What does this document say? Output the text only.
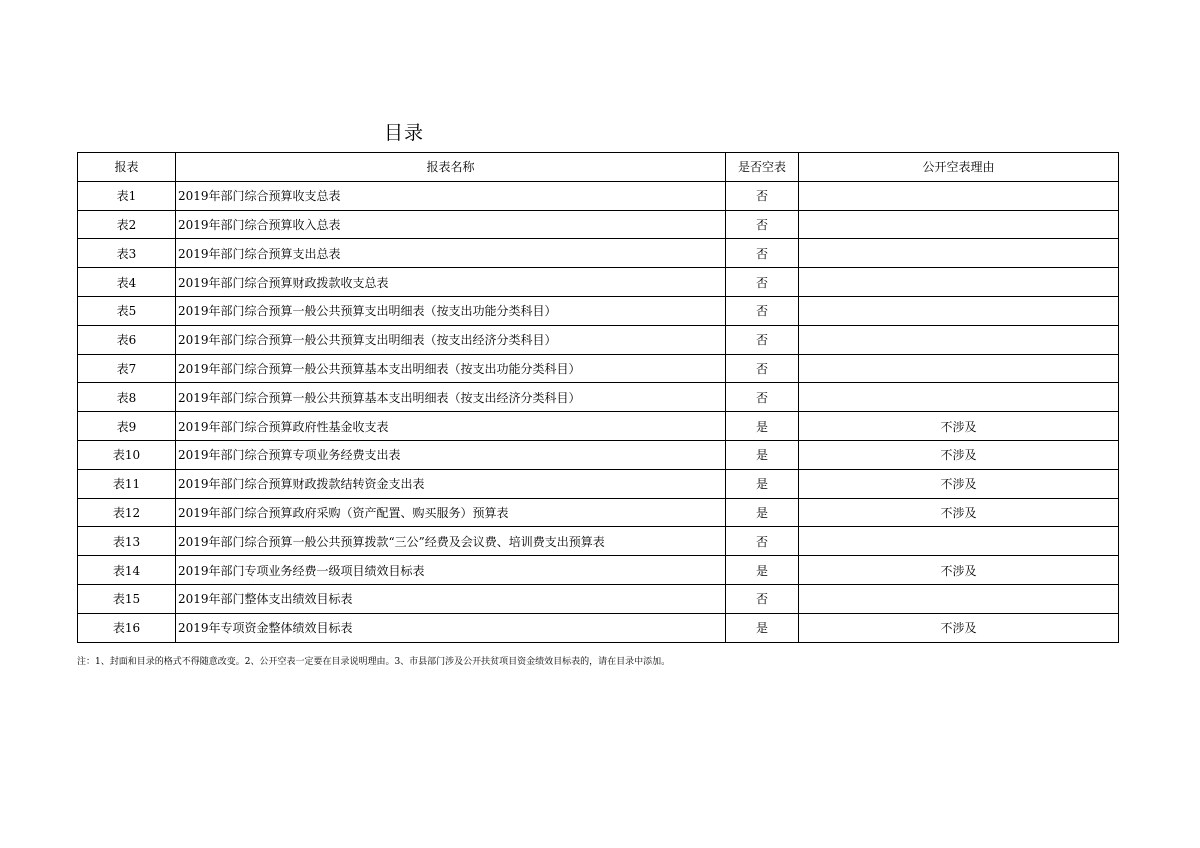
目录
报表	报表名称	是否空表	公开空表理由
表1	2019年部门综合预算收支总表	否	
表2	2019年部门综合预算收入总表	否	
表3	2019年部门综合预算支出总表	否	
表4	2019年部门综合预算财政拨款收支总表	否	
表5	2019年部门综合预算一般公共预算支出明细表（按支出功能分类科目）	否	
表6	2019年部门综合预算一般公共预算支出明细表（按支出经济分类科目）	否	
表7	2019年部门综合预算一般公共预算基本支出明细表（按支出功能分类科目）	否	
表8	2019年部门综合预算一般公共预算基本支出明细表（按支出经济分类科目）	否	
表9	2019年部门综合预算政府性基金收支表	是	不涉及
表10	2019年部门综合预算专项业务经费支出表	是	不涉及
表11	2019年部门综合预算财政拨款结转资金支出表	是	不涉及
表12	2019年部门综合预算政府采购（资产配置、购买服务）预算表	是	不涉及
表13	2019年部门综合预算一般公共预算拨款“三公”经费及会议费、培训费支出预算表	否	
表14	2019年部门专项业务经费一级项目绩效目标表	是	不涉及
表15	2019年部门整体支出绩效目标表	否	
表16	2019年专项资金整体绩效目标表	是	不涉及
注：1、封面和目录的格式不得随意改变。2、公开空表一定要在目录说明理由。3、市县部门涉及公开扶贫项目资金绩效目标表的，请在目录中添加。
